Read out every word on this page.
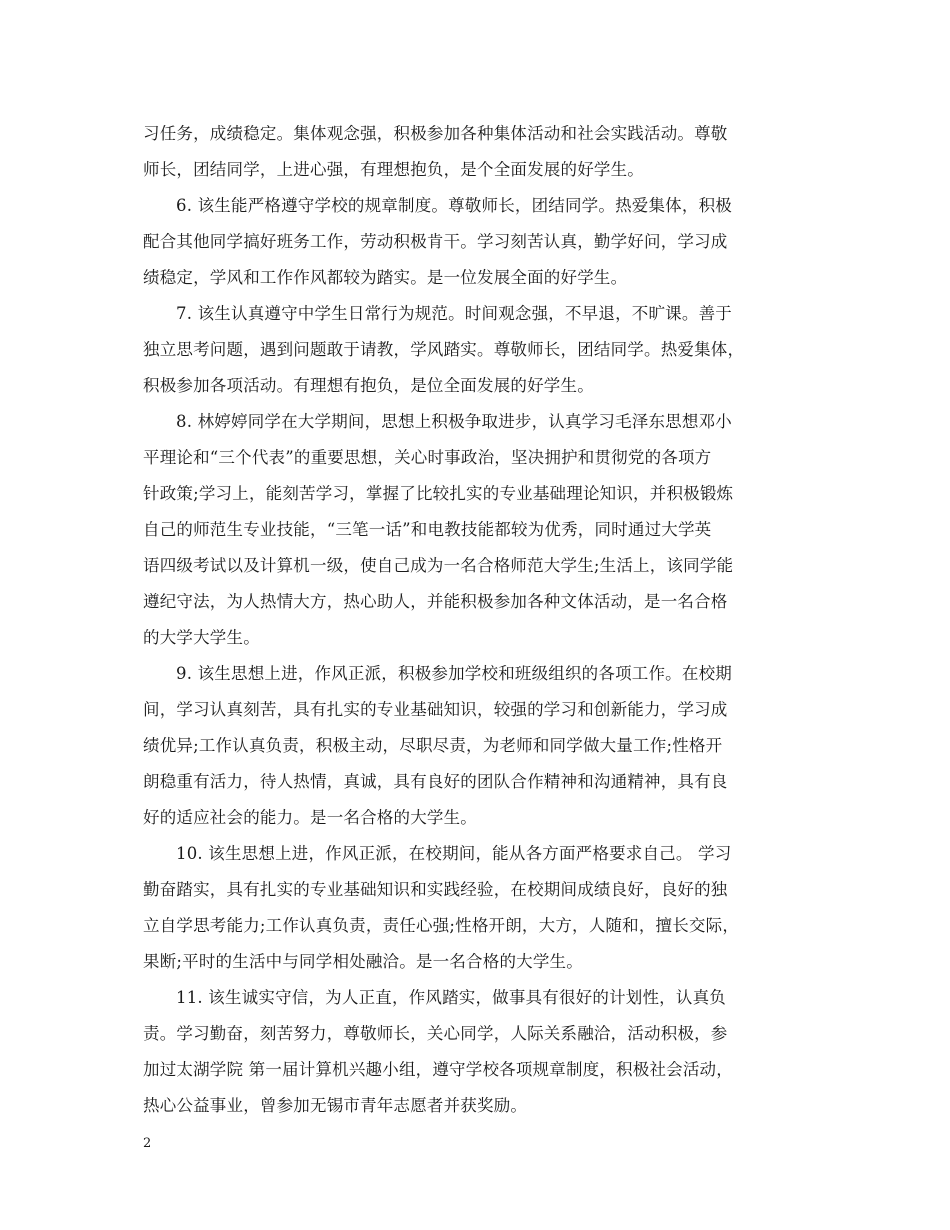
习任务，成绩稳定。集体观念强，积极参加各种集体活动和社会实践活动。尊敬
师长，团结同学，上进心强，有理想抱负，是个全面发展的好学生。
6. 该生能严格遵守学校的规章制度。尊敬师长，团结同学。热爱集体，积极
配合其他同学搞好班务工作，劳动积极肯干。学习刻苦认真，勤学好问，学习成
绩稳定，学风和工作作风都较为踏实。是一位发展全面的好学生。
7. 该生认真遵守中学生日常行为规范。时间观念强，不早退，不旷课。善于
独立思考问题，遇到问题敢于请教，学风踏实。尊敬师长，团结同学。热爱集体，
积极参加各项活动。有理想有抱负，是位全面发展的好学生。
8. 林婷婷同学在大学期间，思想上积极争取进步，认真学习毛泽东思想邓小
平理论和“三个代表”的重要思想，关心时事政治，坚决拥护和贯彻党的各项方
针政策;学习上，能刻苦学习，掌握了比较扎实的专业基础理论知识，并积极锻炼
自己的师范生专业技能，“三笔一话”和电教技能都较为优秀，同时通过大学英
语四级考试以及计算机一级，使自己成为一名合格师范大学生;生活上，该同学能
遵纪守法，为人热情大方，热心助人，并能积极参加各种文体活动，是一名合格
的大学大学生。
9. 该生思想上进，作风正派，积极参加学校和班级组织的各项工作。在校期
间，学习认真刻苦，具有扎实的专业基础知识，较强的学习和创新能力，学习成
绩优异;工作认真负责，积极主动，尽职尽责，为老师和同学做大量工作;性格开
朗稳重有活力，待人热情，真诚，具有良好的团队合作精神和沟通精神，具有良
好的适应社会的能力。是一名合格的大学生。
10. 该生思想上进，作风正派，在校期间，能从各方面严格要求自己。 学习
勤奋踏实，具有扎实的专业基础知识和实践经验，在校期间成绩良好，良好的独
立自学思考能力;工作认真负责，责任心强;性格开朗，大方，人随和，擅长交际，
果断;平时的生活中与同学相处融洽。是一名合格的大学生。
11. 该生诚实守信，为人正直，作风踏实，做事具有很好的计划性，认真负
责。学习勤奋，刻苦努力，尊敬师长，关心同学，人际关系融洽，活动积极，参
加过太湖学院 第一届计算机兴趣小组，遵守学校各项规章制度，积极社会活动，
热心公益事业，曾参加无锡市青年志愿者并获奖励。
2
